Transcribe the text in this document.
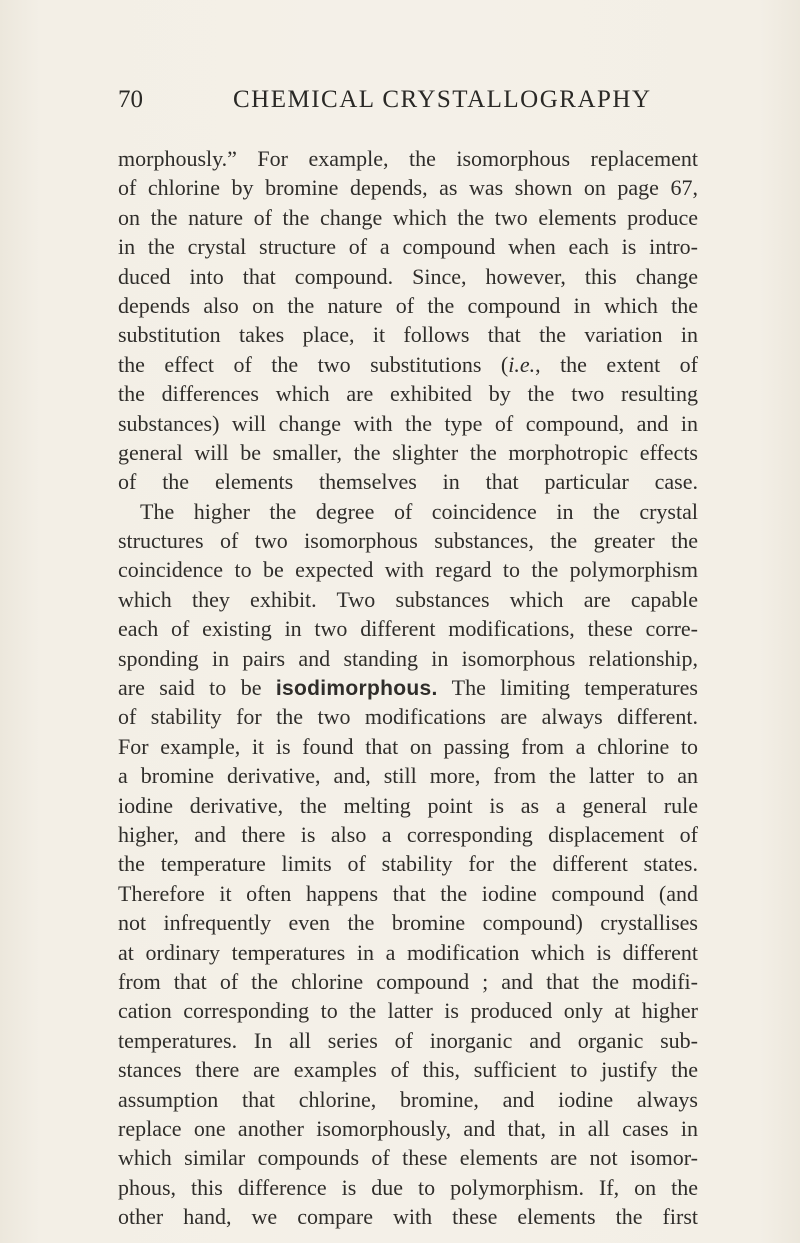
70	CHEMICAL CRYSTALLOGRAPHY
morphously.” For example, the isomorphous replacement
of chlorine by bromine depends, as was shown on page 67,
on the nature of the change which the two elements produce
in the crystal structure of a compound when each is intro-
duced into that compound. Since, however, this change
depends also on the nature of the compound in which the
substitution takes place, it follows that the variation in
the effect of the two substitutions (i.e., the extent of
the differences which are exhibited by the two resulting
substances) will change with the type of compound, and in
general will be smaller, the slighter the morphotropic effects
of the elements themselves in that particular case.
The higher the degree of coincidence in the crystal
structures of two isomorphous substances, the greater the
coincidence to be expected with regard to the polymorphism
which they exhibit. Two substances which are capable
each of existing in two different modifications, these corre-
sponding in pairs and standing in isomorphous relationship,
are said to be isodimorphous. The limiting temperatures
of stability for the two modifications are always different.
For example, it is found that on passing from a chlorine to
a bromine derivative, and, still more, from the latter to an
iodine derivative, the melting point is as a general rule
higher, and there is also a corresponding displacement of
the temperature limits of stability for the different states.
Therefore it often happens that the iodine compound (and
not infrequently even the bromine compound) crystallises
at ordinary temperatures in a modification which is different
from that of the chlorine compound ; and that the modifi-
cation corresponding to the latter is produced only at higher
temperatures. In all series of inorganic and organic sub-
stances there are examples of this, sufficient to justify the
assumption that chlorine, bromine, and iodine always
replace one another isomorphously, and that, in all cases in
which similar compounds of these elements are not isomor-
phous, this difference is due to polymorphism. If, on the
other hand, we compare with these elements the first
